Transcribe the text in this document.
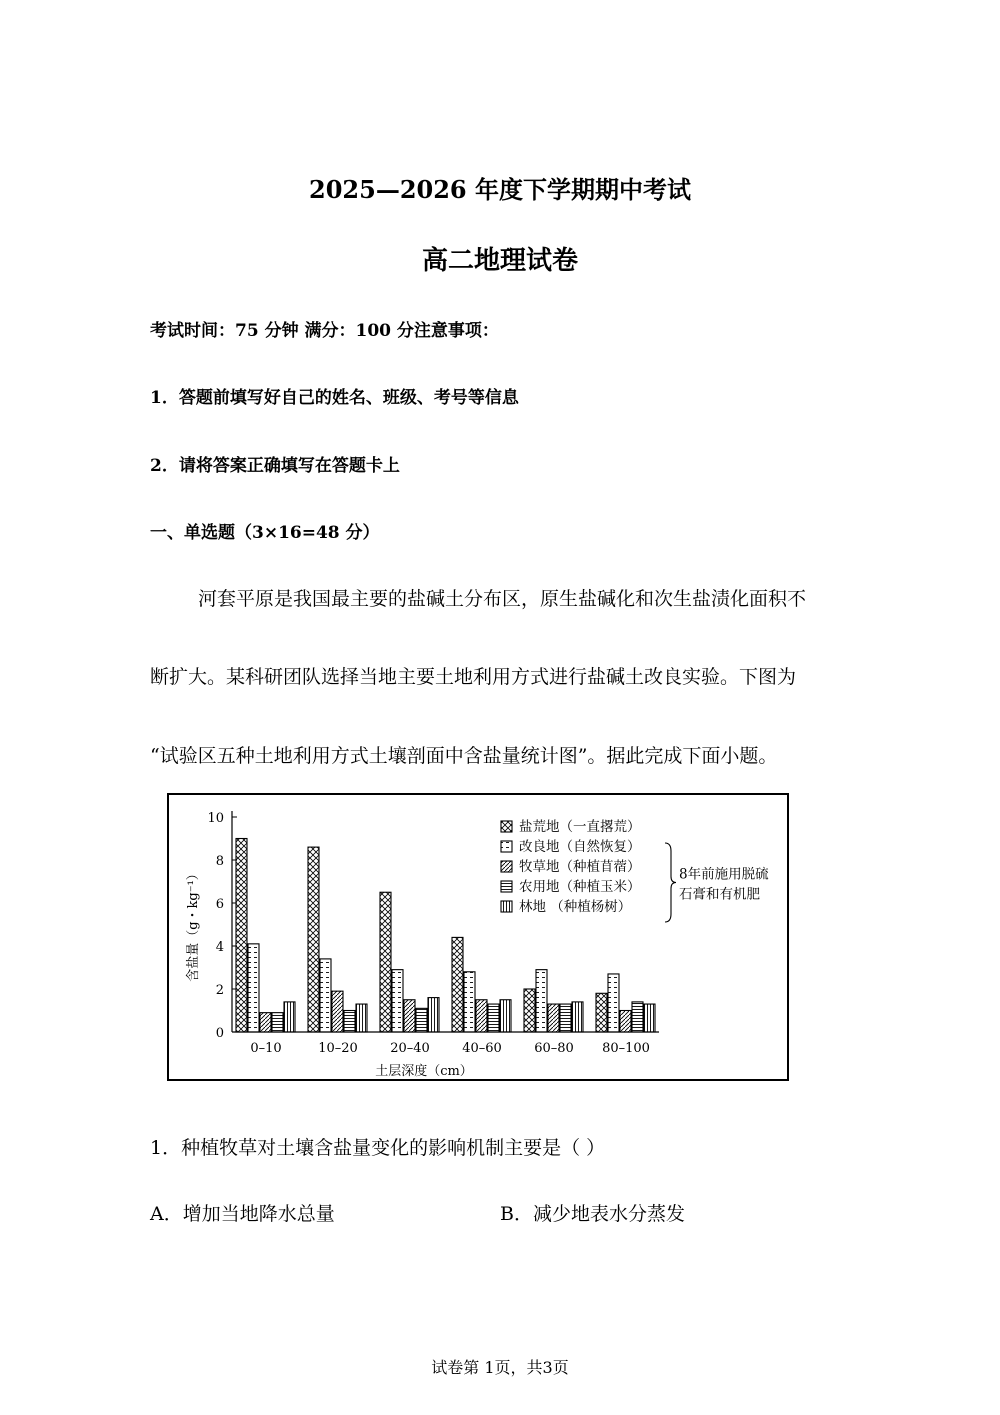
2025—2026 年度下学期期中考试
高二地理试卷
考试时间：75 分钟 满分：100 分注意事项：
1．答题前填写好自己的姓名、班级、考号等信息
2．请将答案正确填写在答题卡上
一、单选题（3×16=48 分）
河套平原是我国最主要的盐碱土分布区，原生盐碱化和次生盐渍化面积不
断扩大。某科研团队选择当地主要土地利用方式进行盐碱土改良实验。下图为
“试验区五种土地利用方式土壤剖面中含盐量统计图”。据此完成下面小题。
0
2
4
6
8
10
含盐量（g・kg⁻¹）
0–10	10–20 20–40 40–60 60–80 80–100
土层深度（cm）
盐荒地（一直撂荒）
改良地（自然恢复）
牧草地（种植苜蓿）
农用地（种植玉米）
林地 （种植杨树）
8年前施用脱硫
石膏和有机肥
1．种植牧草对土壤含盐量变化的影响机制主要是（ ）
A．增加当地降水总量	B．减少地表水分蒸发
试卷第 1页，共3页
